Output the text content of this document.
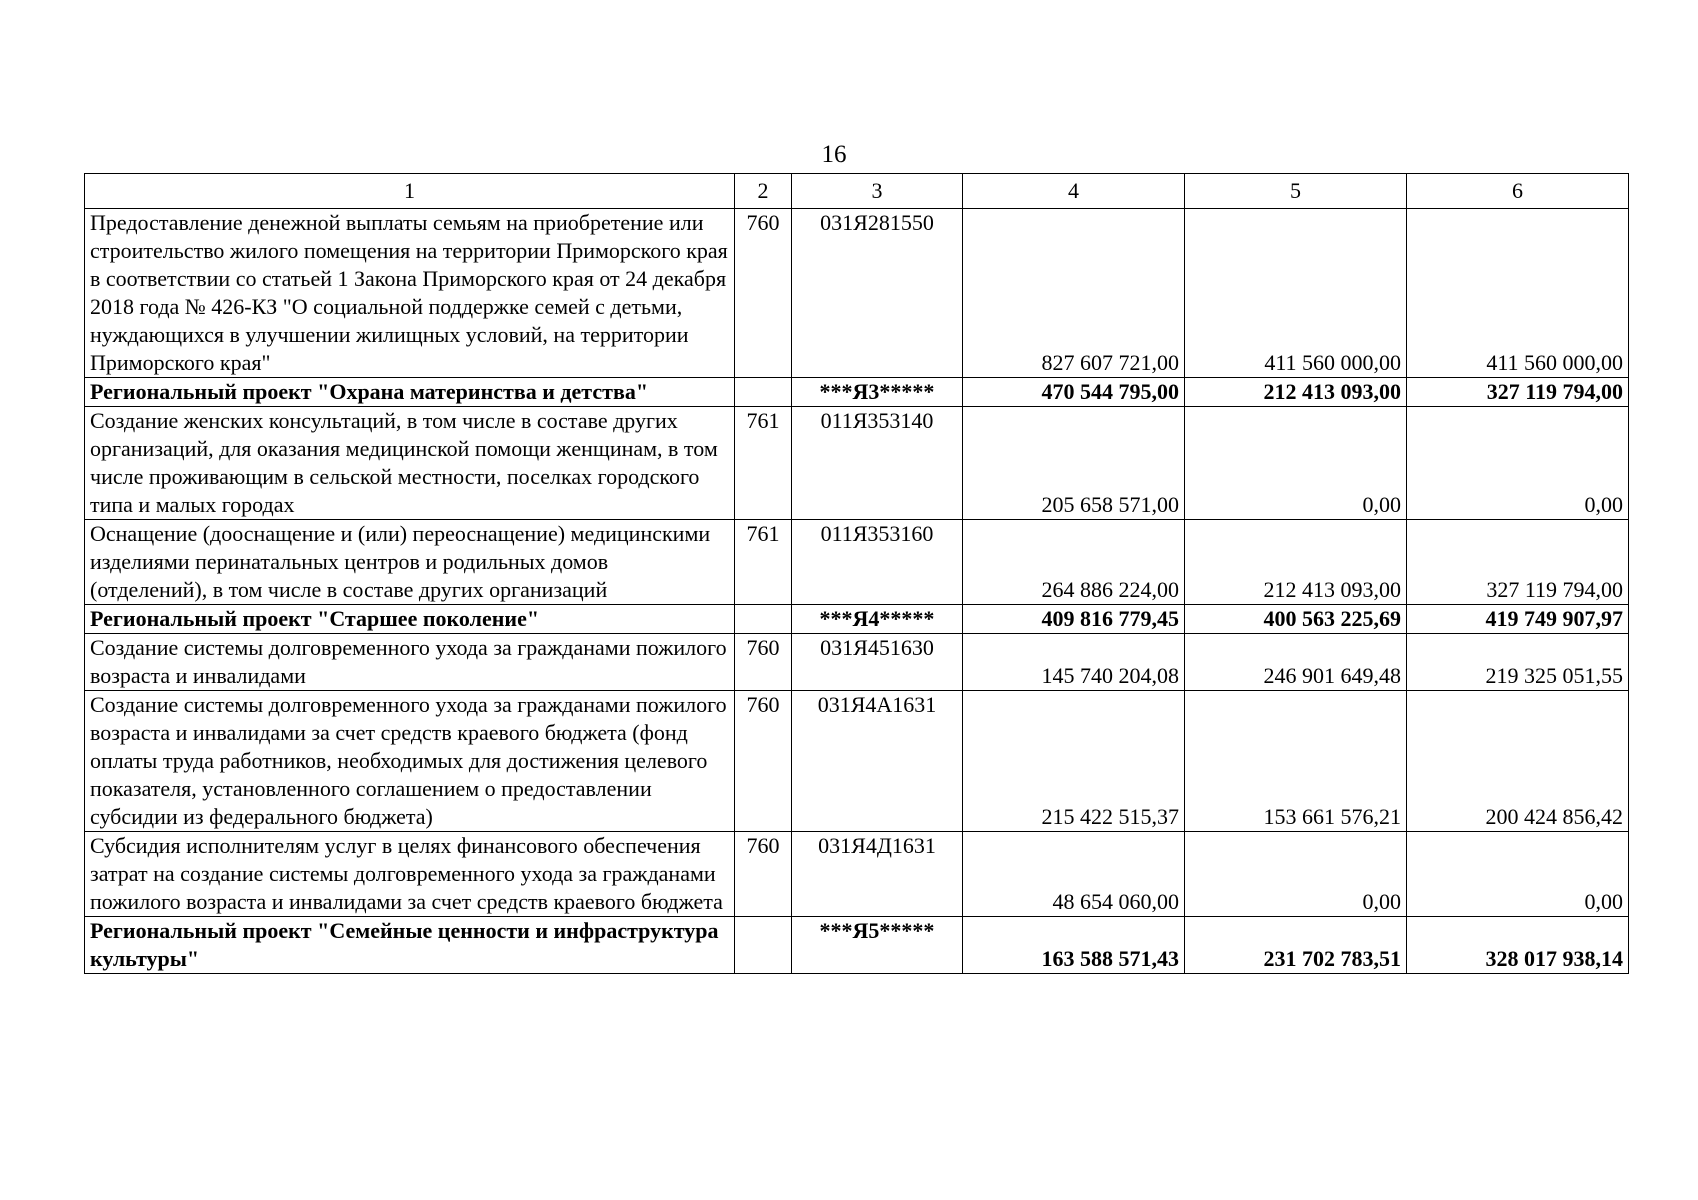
16
1	2	3	4	5	6
Предоставление денежной выплаты семьям на приобретение или строительство жилого помещения на территории Приморского края в соответствии со статьей 1 Закона Приморского края от 24 декабря 2018 года № 426-КЗ "О социальной поддержке семей с детьми, нуждающихся в улучшении жилищных условий, на территории Приморского края"	760	031Я281550	827 607 721,00	411 560 000,00	411 560 000,00
Региональный проект "Охрана материнства и детства"		***Я3*****	470 544 795,00	212 413 093,00	327 119 794,00
Создание женских консультаций, в том числе в составе других организаций, для оказания медицинской помощи женщинам, в том числе проживающим в сельской местности, поселках городского типа и малых городах	761	011Я353140	205 658 571,00	0,00	0,00
Оснащение (дооснащение и (или) переоснащение) медицинскими изделиями перинатальных центров и родильных домов (отделений), в том числе в составе других организаций	761	011Я353160	264 886 224,00	212 413 093,00	327 119 794,00
Региональный проект "Старшее поколение"		***Я4*****	409 816 779,45	400 563 225,69	419 749 907,97
Создание системы долговременного ухода за гражданами пожилого возраста и инвалидами	760	031Я451630	145 740 204,08	246 901 649,48	219 325 051,55
Создание системы долговременного ухода за гражданами пожилого возраста и инвалидами за счет средств краевого бюджета (фонд оплаты труда работников, необходимых для достижения целевого показателя, установленного соглашением о предоставлении субсидии из федерального бюджета)	760	031Я4А1631	215 422 515,37	153 661 576,21	200 424 856,42
Субсидия исполнителям услуг в целях финансового обеспечения затрат на создание системы долговременного ухода за гражданами пожилого возраста и инвалидами за счет средств краевого бюджета	760	031Я4Д1631	48 654 060,00	0,00	0,00
Региональный проект "Семейные ценности и инфраструктура культуры"		***Я5*****	163 588 571,43	231 702 783,51	328 017 938,14
